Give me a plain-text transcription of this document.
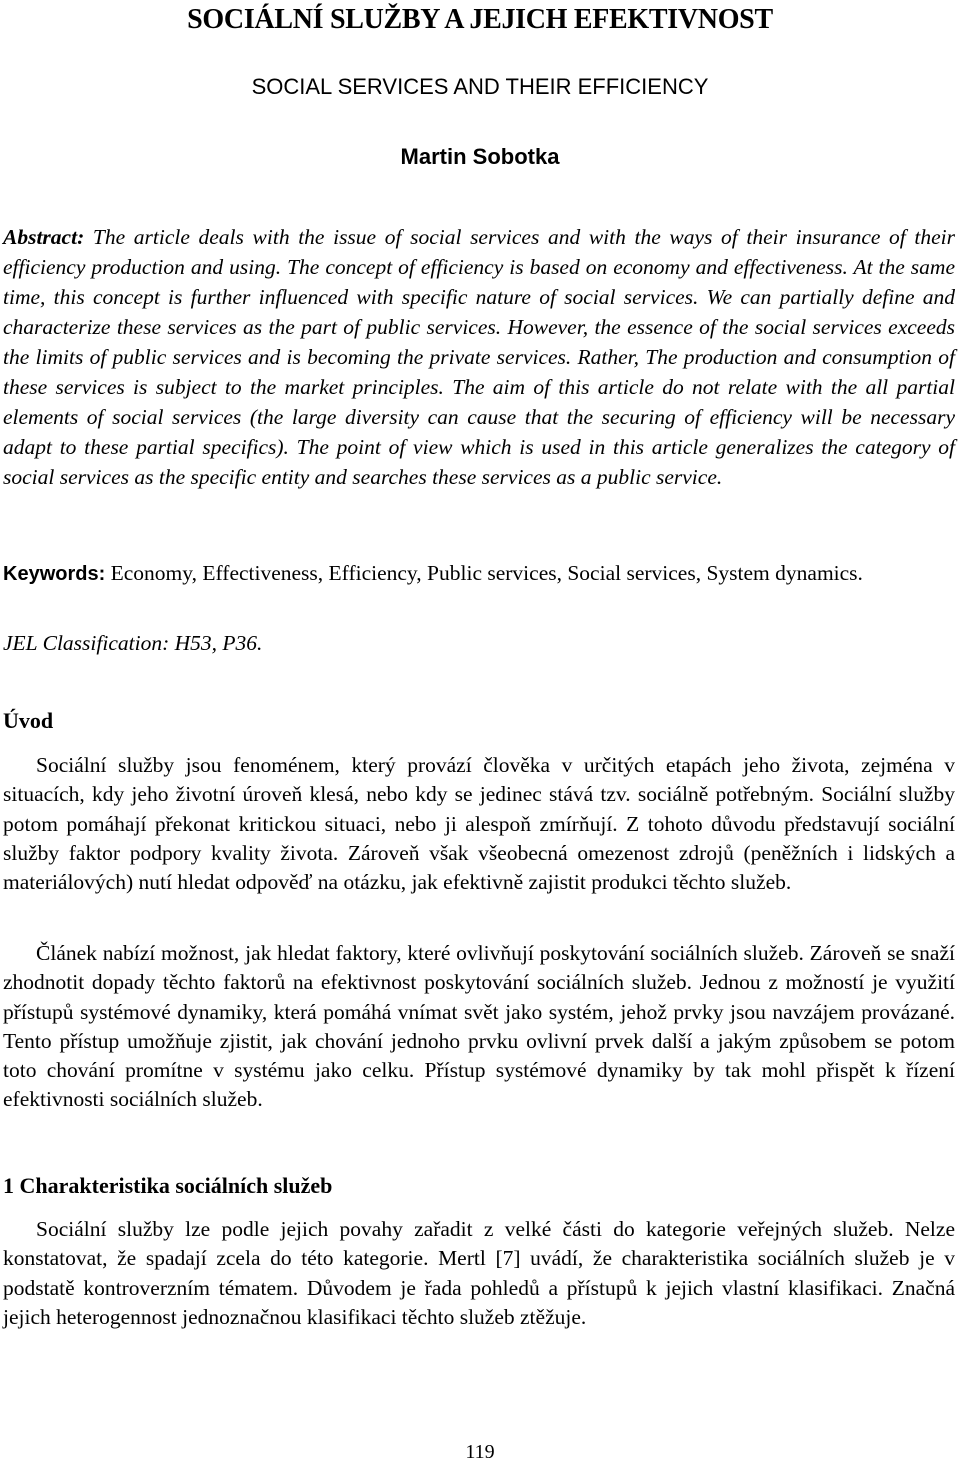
SOCIÁLNÍ SLUŽBY A JEJICH EFEKTIVNOST
SOCIAL SERVICES AND THEIR EFFICIENCY
Martin Sobotka

Abstract: The article deals with the issue of social services and with the ways of their insurance of their efficiency production and using. The concept of efficiency is based on economy and effectiveness. At the same time, this concept is further influenced with specific nature of social services. We can partially define and characterize these services as the part of public services. However, the essence of the social services exceeds the limits of public services and is becoming the private services. Rather, The production and consumption of these services is subject to the market principles. The aim of this article do not relate with the all partial elements of social services (the large diversity can cause that the securing of efficiency will be necessary adapt to these partial specifics). The point of view which is used in this article generalizes the category of social services as the specific entity and searches these services as a public service.

Keywords: Economy, Effectiveness, Efficiency, Public services, Social services, System dynamics.

JEL Classification: H53, P36.

Úvod

Sociální služby jsou fenoménem, který provází člověka v určitých etapách jeho života, zejména v situacích, kdy jeho životní úroveň klesá, nebo kdy se jedinec stává tzv. sociálně potřebným. Sociální služby potom pomáhají překonat kritickou situaci, nebo ji alespoň zmírňují. Z tohoto důvodu představují sociální služby faktor podpory kvality života. Zároveň však všeobecná omezenost zdrojů (peněžních i lidských a materiálových) nutí hledat odpověď na otázku, jak efektivně zajistit produkci těchto služeb.

Článek nabízí možnost, jak hledat faktory, které ovlivňují poskytování sociálních služeb. Zároveň se snaží zhodnotit dopady těchto faktorů na efektivnost poskytování sociálních služeb. Jednou z možností je využití přístupů systémové dynamiky, která pomáhá vnímat svět jako systém, jehož prvky jsou navzájem provázané. Tento přístup umožňuje zjistit, jak chování jednoho prvku ovlivní prvek další a jakým způsobem se potom toto chování promítne v systému jako celku. Přístup systémové dynamiky by tak mohl přispět k řízení efektivnosti sociálních služeb.

1 Charakteristika sociálních služeb

Sociální služby lze podle jejich povahy zařadit z velké části do kategorie veřejných služeb. Nelze konstatovat, že spadají zcela do této kategorie. Mertl [7] uvádí, že charakteristika sociálních služeb je v podstatě kontroverzním tématem. Důvodem je řada pohledů a přístupů k jejich vlastní klasifikaci. Značná jejich heterogennost jednoznačnou klasifikaci těchto služeb ztěžuje.

119
